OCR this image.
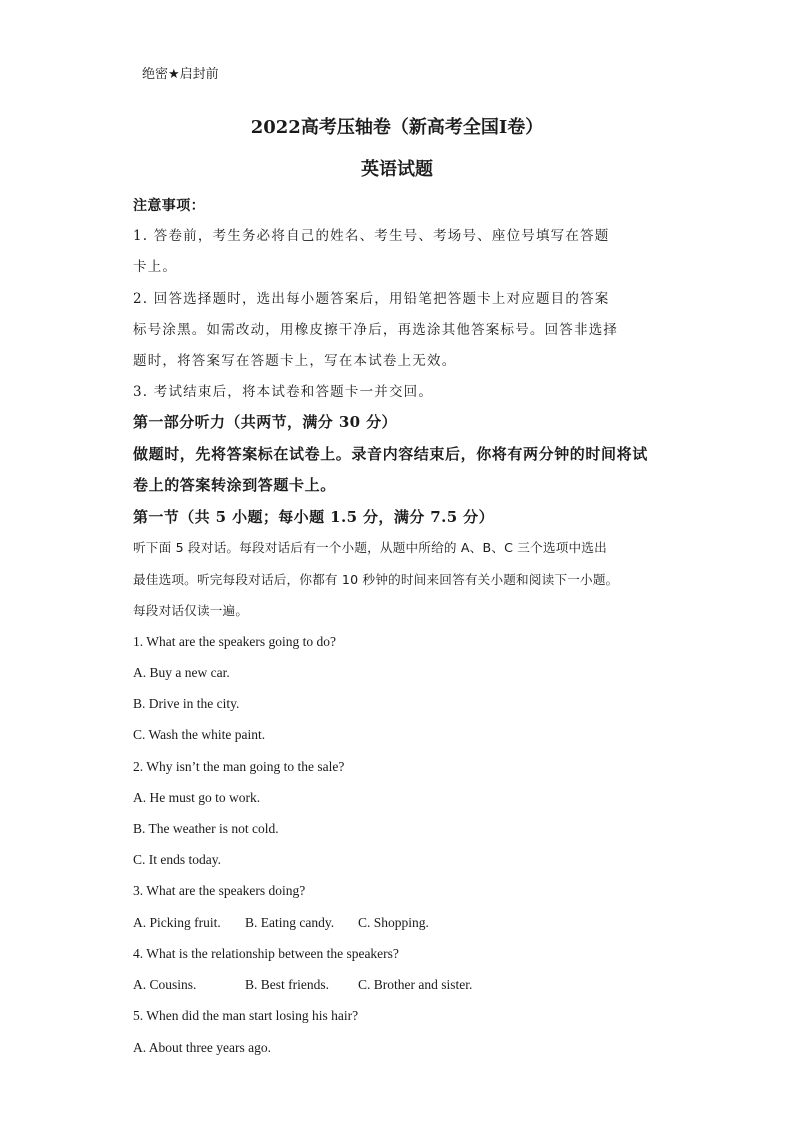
绝密★启封前
2022高考压轴卷（新高考全国I卷）
英语试题
注意事项：
1. 答卷前，考生务必将自己的姓名、考生号、考场号、座位号填写在答题
卡上。
2. 回答选择题时，选出每小题答案后，用铅笔把答题卡上对应题目的答案
标号涂黑。如需改动，用橡皮擦干净后，再选涂其他答案标号。回答非选择
题时，将答案写在答题卡上，写在本试卷上无效。
3. 考试结束后，将本试卷和答题卡一并交回。
第一部分听力（共两节，满分 30 分）
做题时，先将答案标在试卷上。录音内容结束后，你将有两分钟的时间将试
卷上的答案转涂到答题卡上。
第一节（共 5 小题；每小题 1.5 分，满分 7.5 分）
听下面 5 段对话。每段对话后有一个小题，从题中所给的 A、B、C 三个选项中选出
最佳选项。听完每段对话后，你都有 10 秒钟的时间来回答有关小题和阅读下一小题。
每段对话仅读一遍。
1. What are the speakers going to do?
A. Buy a new car.
B. Drive in the city.
C. Wash the white paint.
2. Why isn’t the man going to the sale?
A. He must go to work.
B. The weather is not cold.
C. It ends today.
3. What are the speakers doing?
A. Picking fruit. B. Eating candy. C. Shopping.
4. What is the relationship between the speakers?
A. Cousins.	B. Best friends. C. Brother and sister.
5. When did the man start losing his hair?
A. About three years ago.
